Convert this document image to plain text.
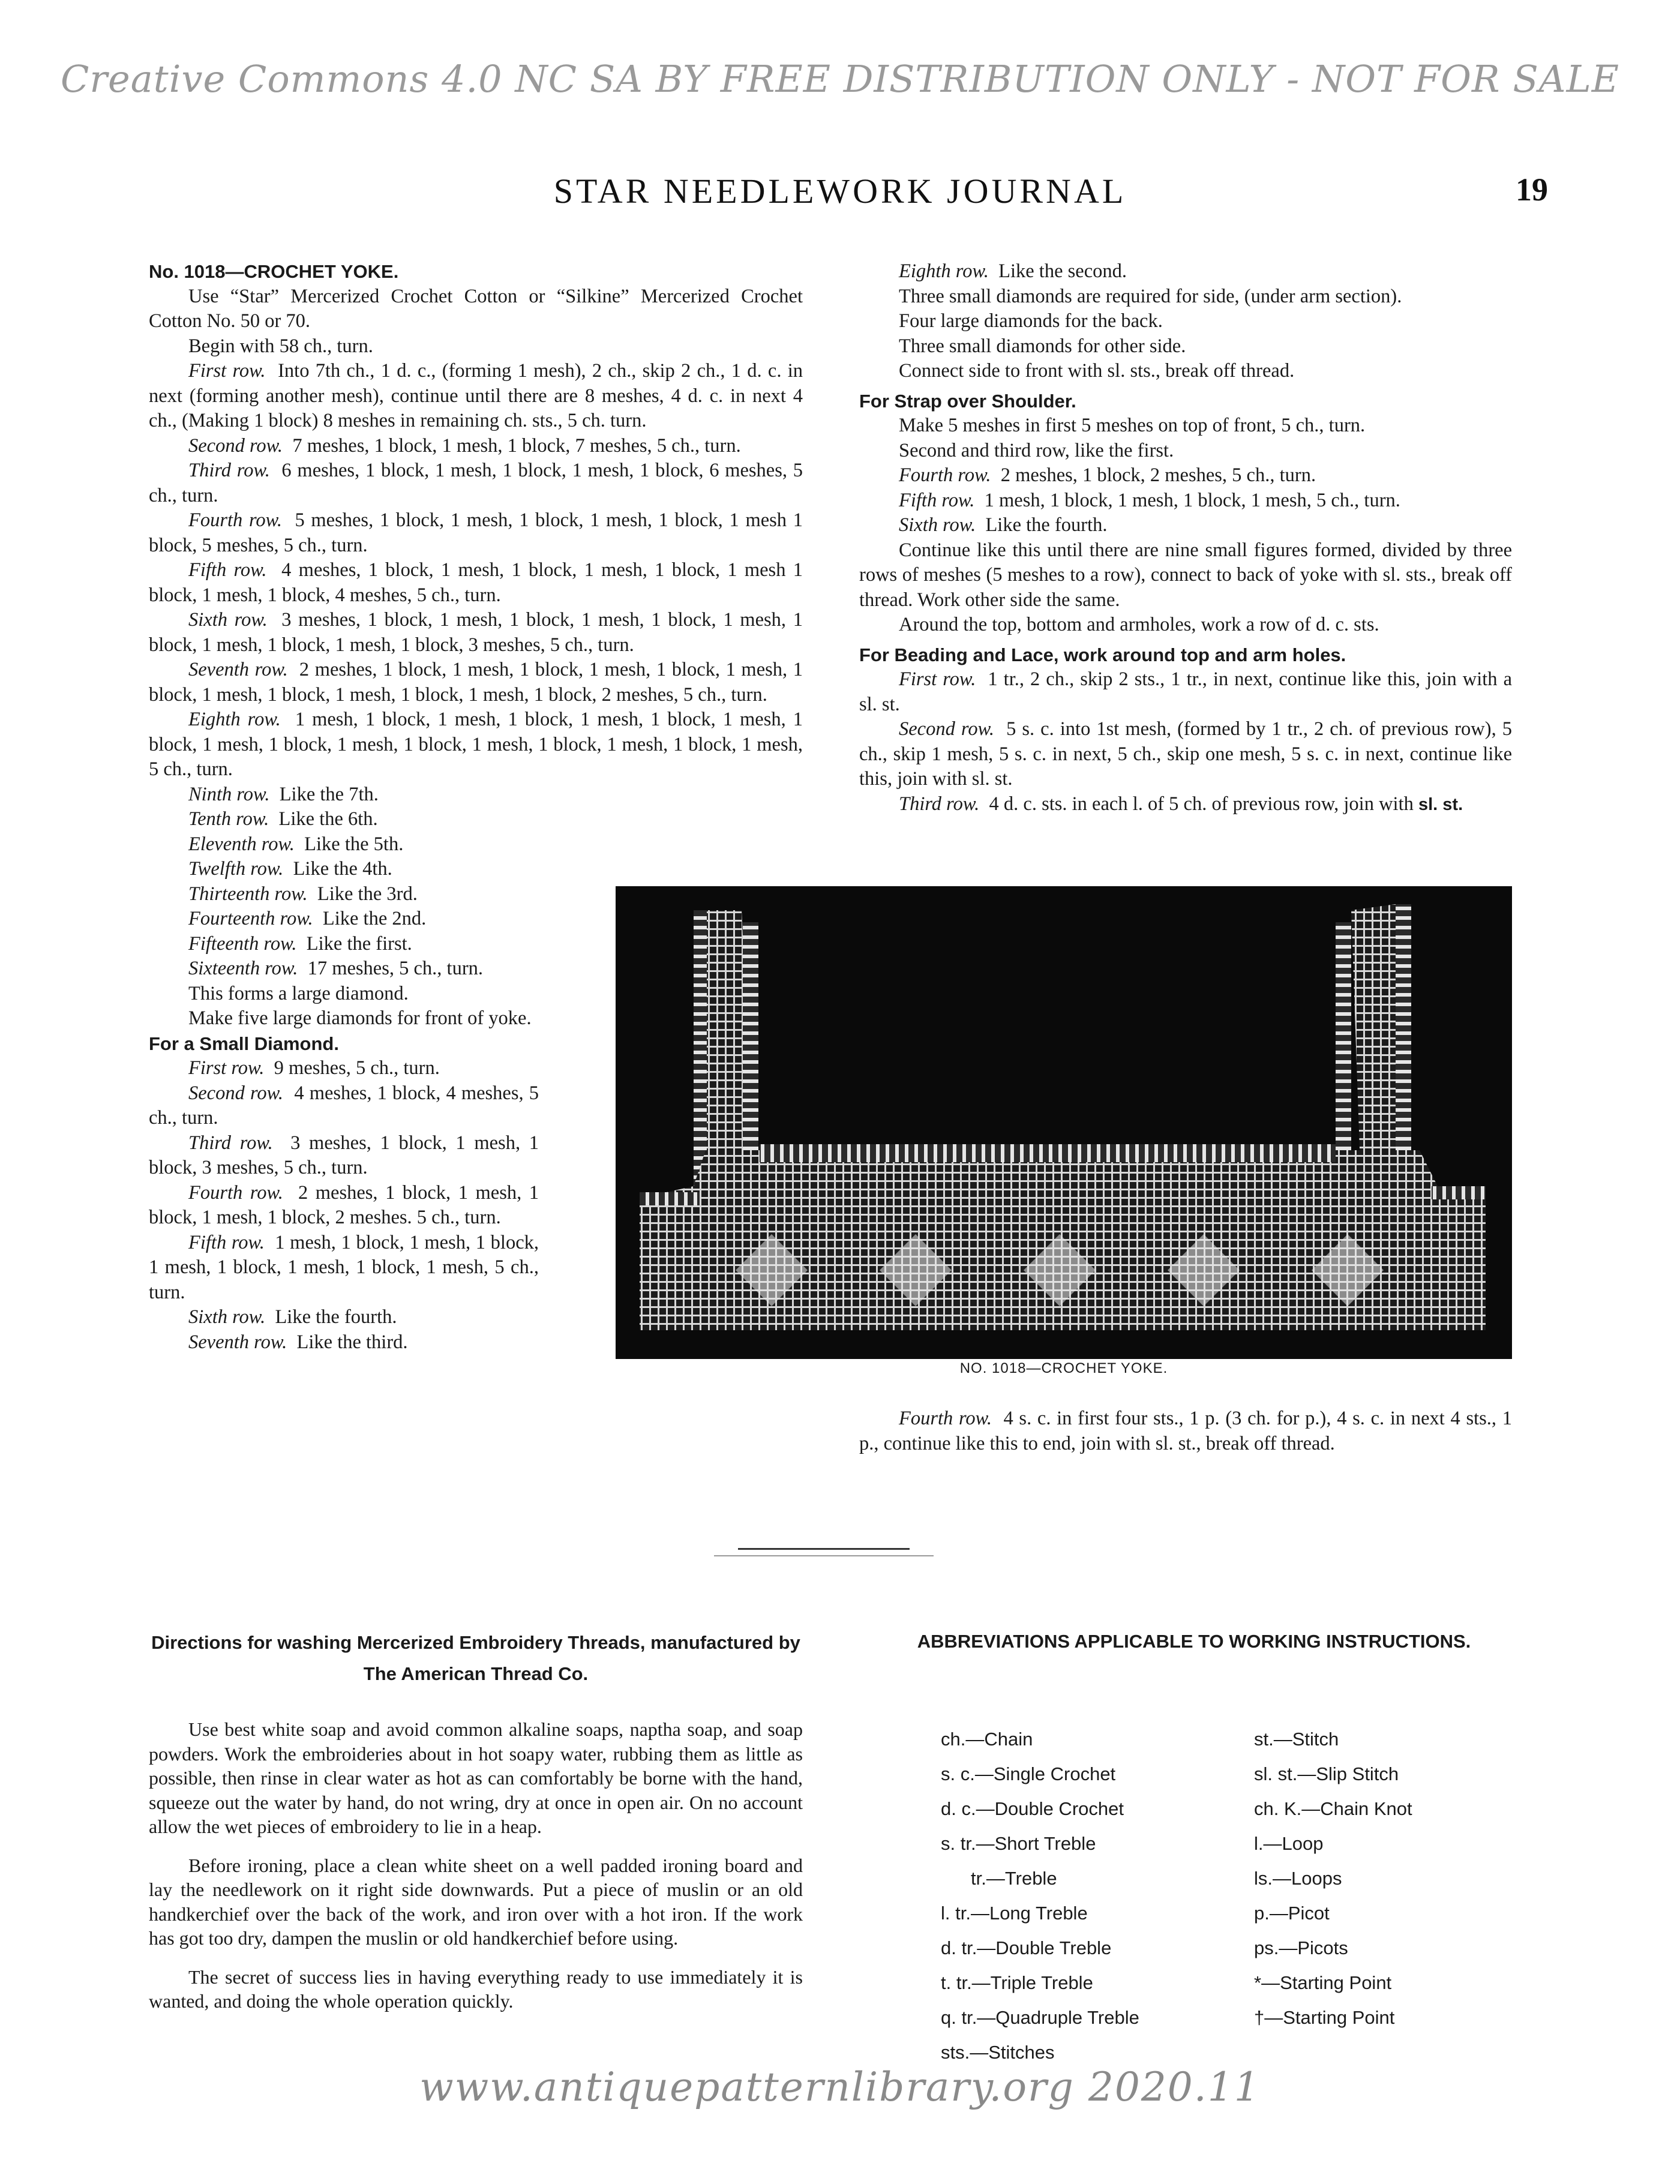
Creative Commons 4.0 NC SA BY FREE DISTRIBUTION ONLY - NOT FOR SALE
STAR NEEDLEWORK JOURNAL	19

No. 1018—CROCHET YOKE.

Use “Star” Mercerized Crochet Cotton or “Silkine” Mercerized Crochet Cotton No. 50 or 70.

Begin with 58 ch., turn.

First row. Into 7th ch., 1 d. c., (forming 1 mesh), 2 ch., skip 2 ch., 1 d. c. in next (forming another mesh), continue until there are 8 meshes, 4 d. c. in next 4 ch., (Making 1 block) 8 meshes in remaining ch. sts., 5 ch. turn.

Second row. 7 meshes, 1 block, 1 mesh, 1 block, 7 meshes, 5 ch., turn.

Third row. 6 meshes, 1 block, 1 mesh, 1 block, 1 mesh, 1 block, 6 meshes, 5 ch., turn.

Fourth row. 5 meshes, 1 block, 1 mesh, 1 block, 1 mesh, 1 block, 1 mesh 1 block, 5 meshes, 5 ch., turn.

Fifth row. 4 meshes, 1 block, 1 mesh, 1 block, 1 mesh, 1 block, 1 mesh 1 block, 1 mesh, 1 block, 4 meshes, 5 ch., turn.

Sixth row. 3 meshes, 1 block, 1 mesh, 1 block, 1 mesh, 1 block, 1 mesh, 1 block, 1 mesh, 1 block, 1 mesh, 1 block, 3 meshes, 5 ch., turn.

Seventh row. 2 meshes, 1 block, 1 mesh, 1 block, 1 mesh, 1 block, 1 mesh, 1 block, 1 mesh, 1 block, 1 mesh, 1 block, 1 mesh, 1 block, 2 meshes, 5 ch., turn.

Eighth row. 1 mesh, 1 block, 1 mesh, 1 block, 1 mesh, 1 block, 1 mesh, 1 block, 1 mesh, 1 block, 1 mesh, 1 block, 1 mesh, 1 block, 1 mesh, 1 block, 1 mesh, 5 ch., turn.

Ninth row. Like the 7th.

Tenth row. Like the 6th.

Eleventh row. Like the 5th.

Twelfth row. Like the 4th.

Thirteenth row. Like the 3rd.

Fourteenth row. Like the 2nd.

Fifteenth row. Like the first.

Sixteenth row. 17 meshes, 5 ch., turn.

This forms a large diamond.

Make five large diamonds for front of yoke.

For a Small Diamond.

First row. 9 meshes, 5 ch., turn.

Second row. 4 meshes, 1 block, 4 meshes, 5 ch., turn.

Third row. 3 meshes, 1 block, 1 mesh, 1 block, 3 meshes, 5 ch., turn.

Fourth row. 2 meshes, 1 block, 1 mesh, 1 block, 1 mesh, 1 block, 2 meshes. 5 ch., turn.

Fifth row. 1 mesh, 1 block, 1 mesh, 1 block, 1 mesh, 1 block, 1 mesh, 1 block, 1 mesh, 5 ch., turn.

Sixth row. Like the fourth.

Seventh row. Like the third.

Eighth row. Like the second.

Three small diamonds are required for side, (under arm section).

Four large diamonds for the back.

Three small diamonds for other side.

Connect side to front with sl. sts., break off thread.

For Strap over Shoulder.

Make 5 meshes in first 5 meshes on top of front, 5 ch., turn.

Second and third row, like the first.

Fourth row. 2 meshes, 1 block, 2 meshes, 5 ch., turn.

Fifth row. 1 mesh, 1 block, 1 mesh, 1 block, 1 mesh, 5 ch., turn.

Sixth row. Like the fourth.

Continue like this until there are nine small figures formed, divided by three rows of meshes (5 meshes to a row), connect to back of yoke with sl. sts., break off thread. Work other side the same.

Around the top, bottom and armholes, work a row of d. c. sts.

For Beading and Lace, work around top and arm holes.

First row. 1 tr., 2 ch., skip 2 sts., 1 tr., in next, continue like this, join with a sl. st.

Second row. 5 s. c. into 1st mesh, (formed by 1 tr., 2 ch. of previous row), 5 ch., skip 1 mesh, 5 s. c. in next, 5 ch., skip one mesh, 5 s. c. in next, continue like this, join with sl. st.

Third row. 4 d. c. sts. in each l. of 5 ch. of previous row, join with sl. st.

NO. 1018—CROCHET YOKE.

Fourth row. 4 s. c. in first four sts., 1 p. (3 ch. for p.), 4 s. c. in next 4 sts., 1 p., continue like this to end, join with sl. st., break off thread.

Directions for washing Mercerized Embroidery Threads, manufactured by The American Thread Co.

Use best white soap and avoid common alkaline soaps, naptha soap, and soap powders. Work the embroideries about in hot soapy water, rubbing them as little as possible, then rinse in clear water as hot as can comfortably be borne with the hand, squeeze out the water by hand, do not wring, dry at once in open air. On no account allow the wet pieces of embroidery to lie in a heap.

Before ironing, place a clean white sheet on a well padded ironing board and lay the needlework on it right side downwards. Put a piece of muslin or an old handkerchief over the back of the work, and iron over with a hot iron. If the work has got too dry, dampen the muslin or old handkerchief before using.

The secret of success lies in having everything ready to use immediately it is wanted, and doing the whole operation quickly.

ABBREVIATIONS APPLICABLE TO WORKING INSTRUCTIONS.
ch.—Chain
s. c.—Single Crochet
d. c.—Double Crochet
s. tr.—Short Treble
tr.—Treble
l. tr.—Long Treble
d. tr.—Double Treble
t. tr.—Triple Treble
q. tr.—Quadruple Treble
sts.—Stitches
st.—Stitch
sl. st.—Slip Stitch
ch. K.—Chain Knot
l.—Loop
ls.—Loops
p.—Picot
ps.—Picots
*—Starting Point
†—Starting Point
www.antiquepatternlibrary.org 2020.11
